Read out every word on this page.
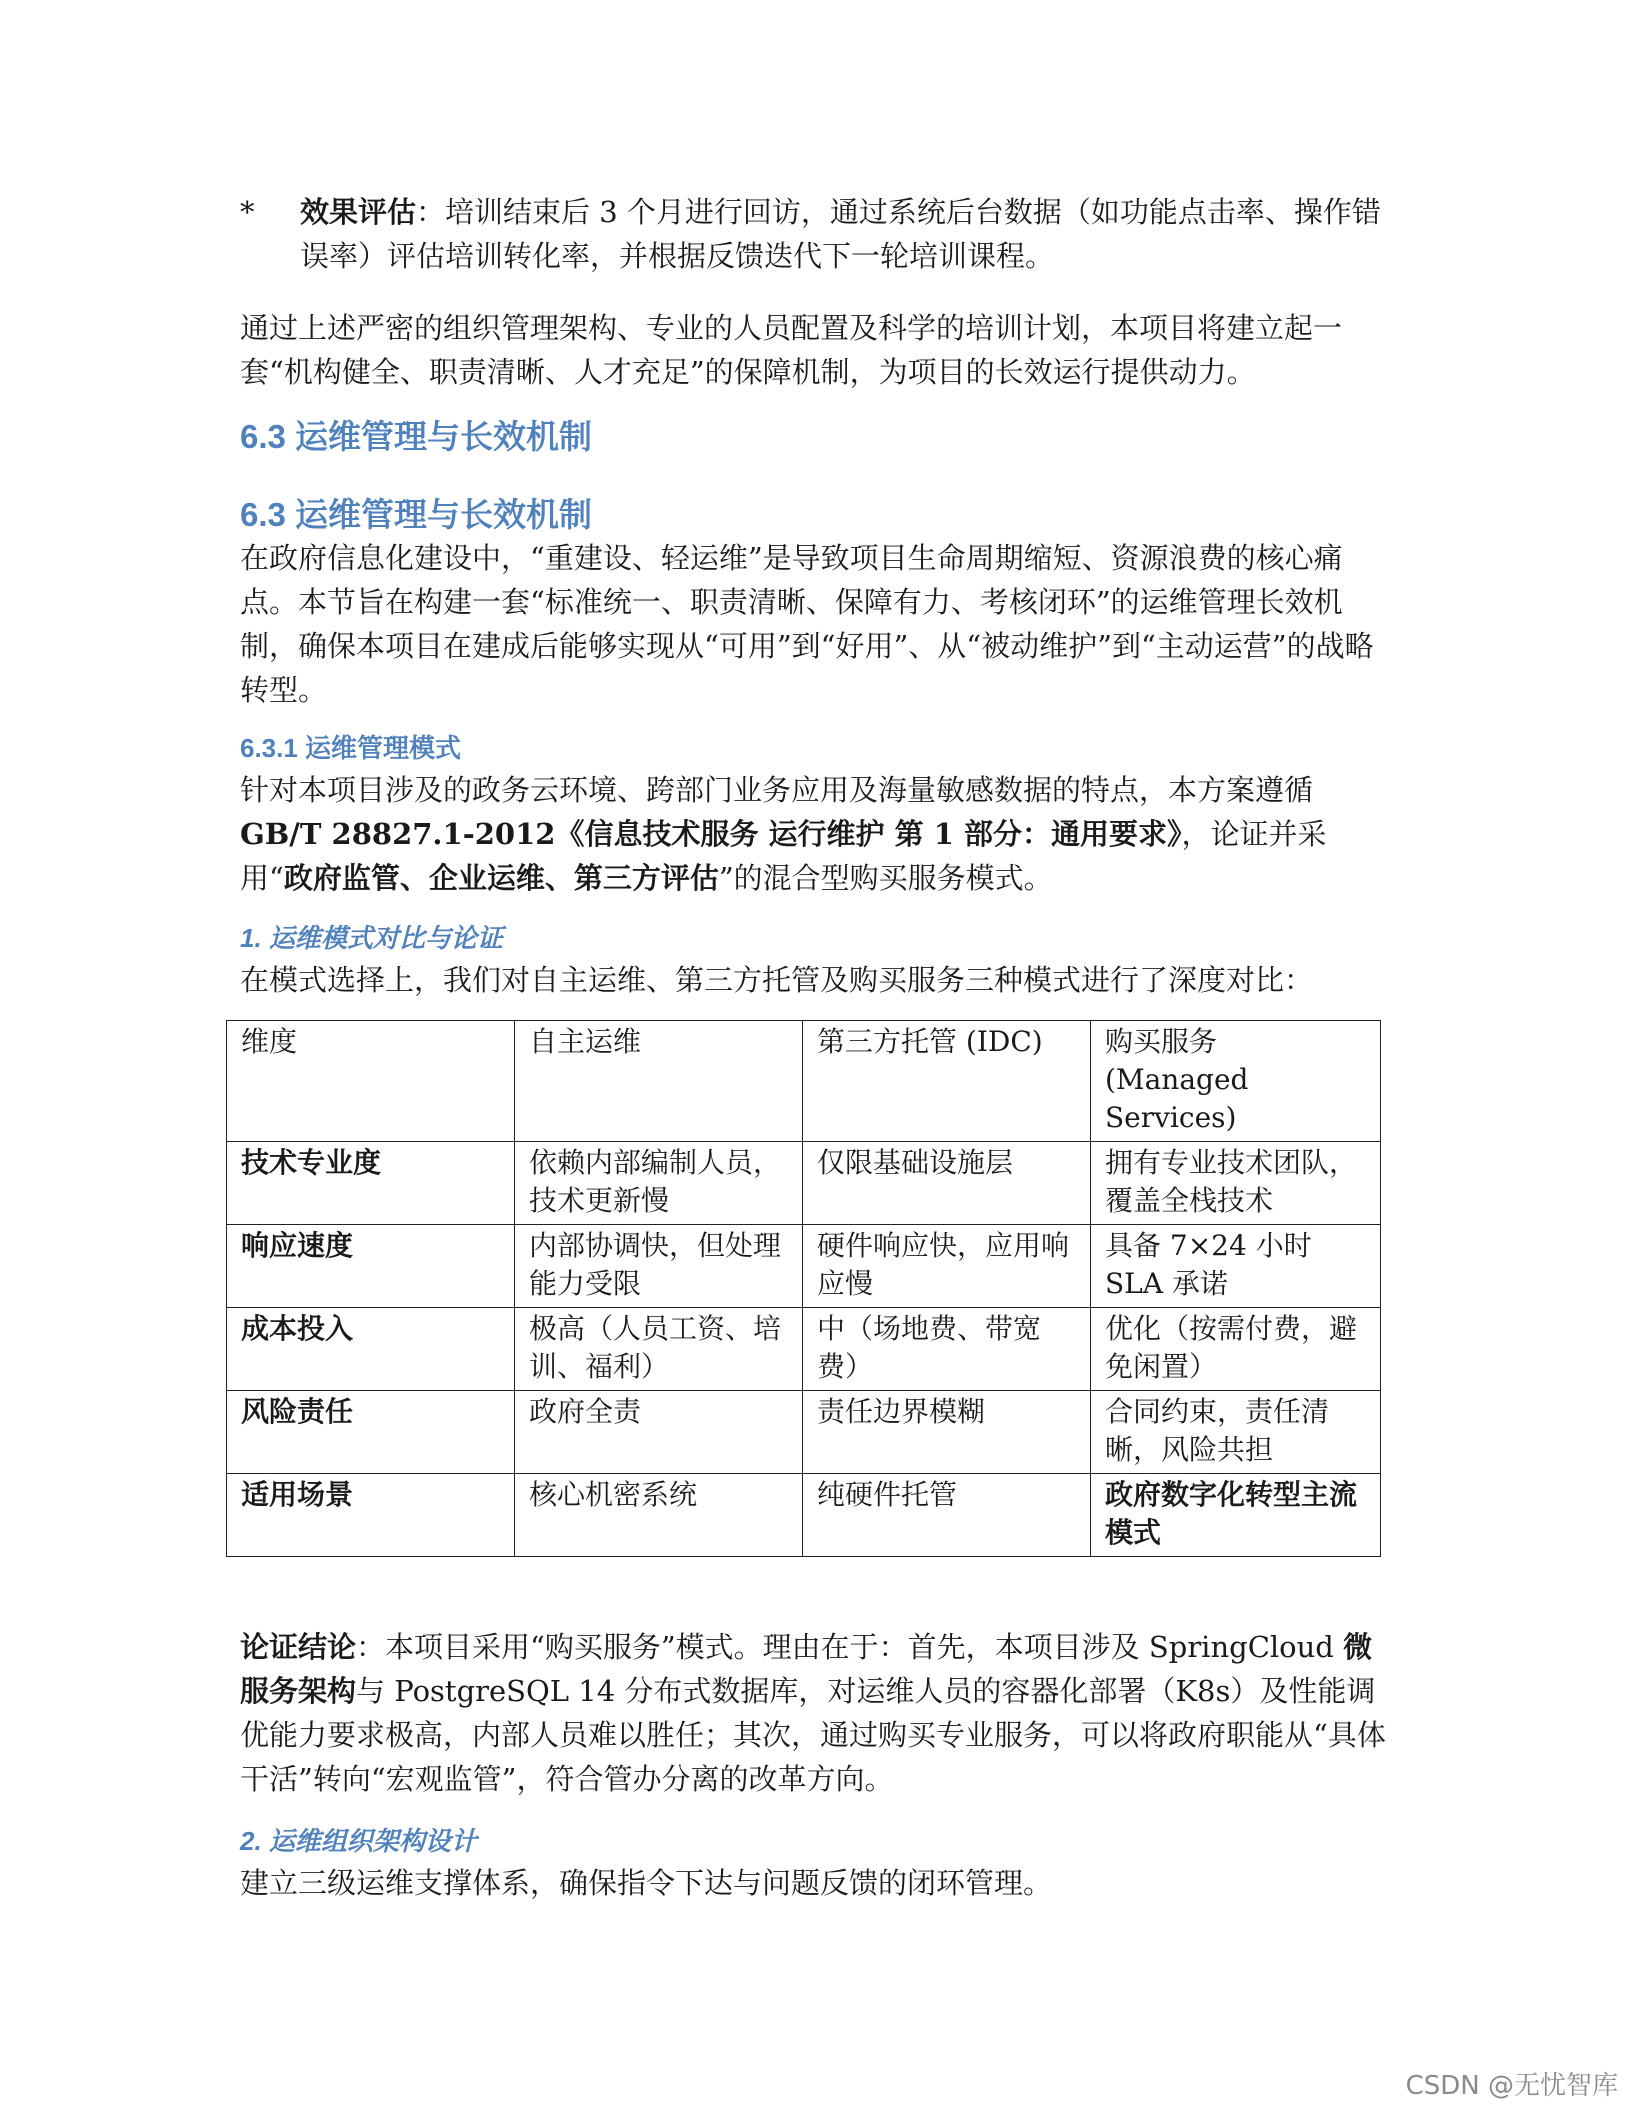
*	效果评估：培训结束后 3 个月进行回访，通过系统后台数据（如功能点击率、操作错误率）评估培训转化率，并根据反馈迭代下一轮培训课程。

通过上述严密的组织管理架构、专业的人员配置及科学的培训计划，本项目将建立起一套“机构健全、职责清晰、人才充足”的保障机制，为项目的长效运行提供动力。

6.3 运维管理与长效机制
6.3 运维管理与长效机制

在政府信息化建设中，“重建设、轻运维”是导致项目生命周期缩短、资源浪费的核心痛点。本节旨在构建一套“标准统一、职责清晰、保障有力、考核闭环”的运维管理长效机制，确保本项目在建成后能够实现从“可用”到“好用”、从“被动维护”到“主动运营”的战略转型。

6.3.1 运维管理模式

针对本项目涉及的政务云环境、跨部门业务应用及海量敏感数据的特点，本方案遵循GB/T 28827.1-2012《信息技术服务 运行维护 第 1 部分：通用要求》，论证并采用“政府监管、企业运维、第三方评估”的混合型购买服务模式。

1. 运维模式对比与论证

在模式选择上，我们对自主运维、第三方托管及购买服务三种模式进行了深度对比：

维度	自主运维	第三方托管 (IDC)	购买服务 (Managed Services)
技术专业度	依赖内部编制人员，技术更新慢	仅限基础设施层	拥有专业技术团队，覆盖全栈技术
响应速度	内部协调快，但处理能力受限	硬件响应快，应用响应慢	具备 7×24 小时 SLA 承诺
成本投入	极高（人员工资、培训、福利）	中（场地费、带宽费）	优化（按需付费，避免闲置）
风险责任	政府全责	责任边界模糊	合同约束，责任清晰，风险共担
适用场景	核心机密系统	纯硬件托管	政府数字化转型主流模式

论证结论：本项目采用“购买服务”模式。理由在于：首先，本项目涉及 SpringCloud 微服务架构与 PostgreSQL 14 分布式数据库，对运维人员的容器化部署（K8s）及性能调优能力要求极高，内部人员难以胜任；其次，通过购买专业服务，可以将政府职能从“具体干活”转向“宏观监管”，符合管办分离的改革方向。

2. 运维组织架构设计

建立三级运维支撑体系，确保指令下达与问题反馈的闭环管理。

CSDN @无忧智库
